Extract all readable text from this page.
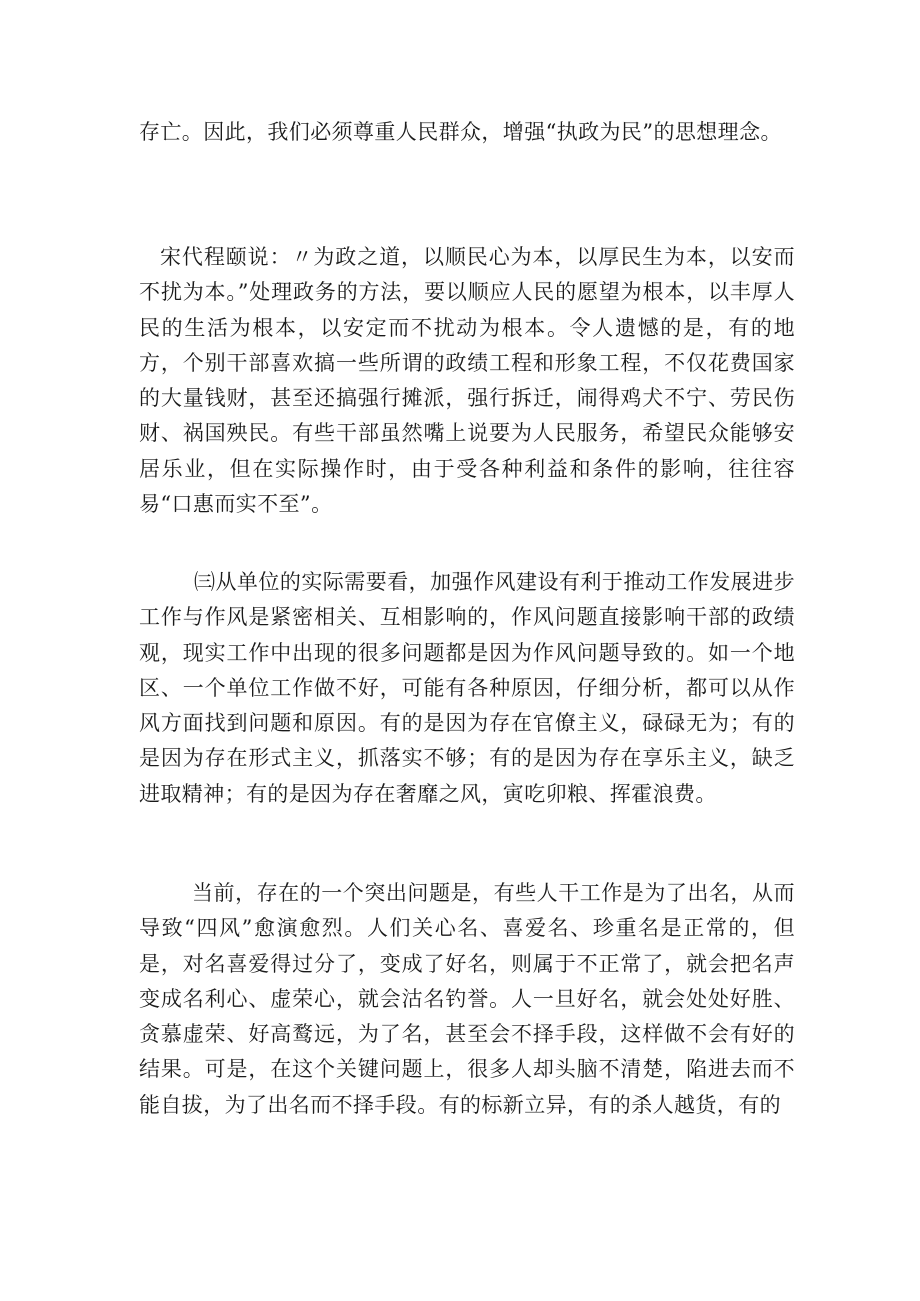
存亡。因此，我们必须尊重人民群众，增强“执政为民”的思想理念。

宋代程颐说：〃为政之道，以顺民心为本，以厚民生为本，以安而不扰为本。”处理政务的方法，要以顺应人民的愿望为根本，以丰厚人民的生活为根本，以安定而不扰动为根本。令人遗憾的是，有的地方，个别干部喜欢搞一些所谓的政绩工程和形象工程，不仅花费国家的大量钱财，甚至还搞强行摊派，强行拆迁，闹得鸡犬不宁、劳民伤财、祸国殃民。有些干部虽然嘴上说要为人民服务，希望民众能够安居乐业，但在实际操作时，由于受各种利益和条件的影响，往往容易“口惠而实不至”。

㈢从单位的实际需要看，加强作风建设有利于推动工作发展进步工作与作风是紧密相关、互相影响的，作风问题直接影响干部的政绩观，现实工作中出现的很多问题都是因为作风问题导致的。如一个地区、一个单位工作做不好，可能有各种原因，仔细分析，都可以从作风方面找到问题和原因。有的是因为存在官僚主义，碌碌无为；有的是因为存在形式主义，抓落实不够；有的是因为存在享乐主义，缺乏进取精神；有的是因为存在奢靡之风，寅吃卯粮、挥霍浪费。

当前，存在的一个突出问题是，有些人干工作是为了出名，从而导致“四风”愈演愈烈。人们关心名、喜爱名、珍重名是正常的，但是，对名喜爱得过分了，变成了好名，则属于不正常了，就会把名声变成名利心、虚荣心，就会沽名钓誉。人一旦好名，就会处处好胜、贪慕虚荣、好高鹜远，为了名，甚至会不择手段，这样做不会有好的结果。可是，在这个关键问题上，很多人却头脑不清楚，陷进去而不能自拔，为了出名而不择手段。有的标新立异，有的杀人越货，有的
